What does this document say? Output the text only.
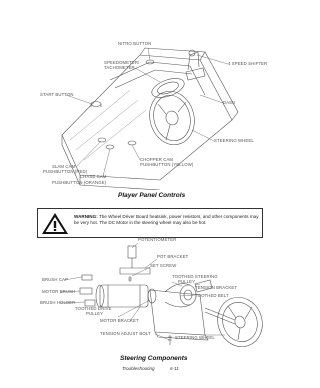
NITRO BUTTON
SPEEDOMETER/
TACHOMETER
4 SPEED SHIFTER
START BUTTON
DASH
STEERING WHEEL
CHOPPER CAM
PUSHBUTTON (YELLOW)
SLAM CAM
PUSHBUTTON (RED)
CHASE CAM
PUSHBUTTON (ORANGE)
Player Panel Controls
WARNING: The Wheel Driver Board heatsink, power resistors, and other components may be very hot. The DC Motor in the steering wheel may also be hot.
POTENTIOMETER
POT BRACKET
SET SCREW
BRUSH CAP
TOOTHED STEERING
PULLEY
TENSION BRACKET
MOTOR BRUSH
TOOTHED BELT
BRUSH HOLDER
TOOTHED DRIVE
PULLEY
MOTOR BRACKET
TENSION ADJUST BOLT
STEERING WHEEL
Steering Components
Troubleshooting	6-11
